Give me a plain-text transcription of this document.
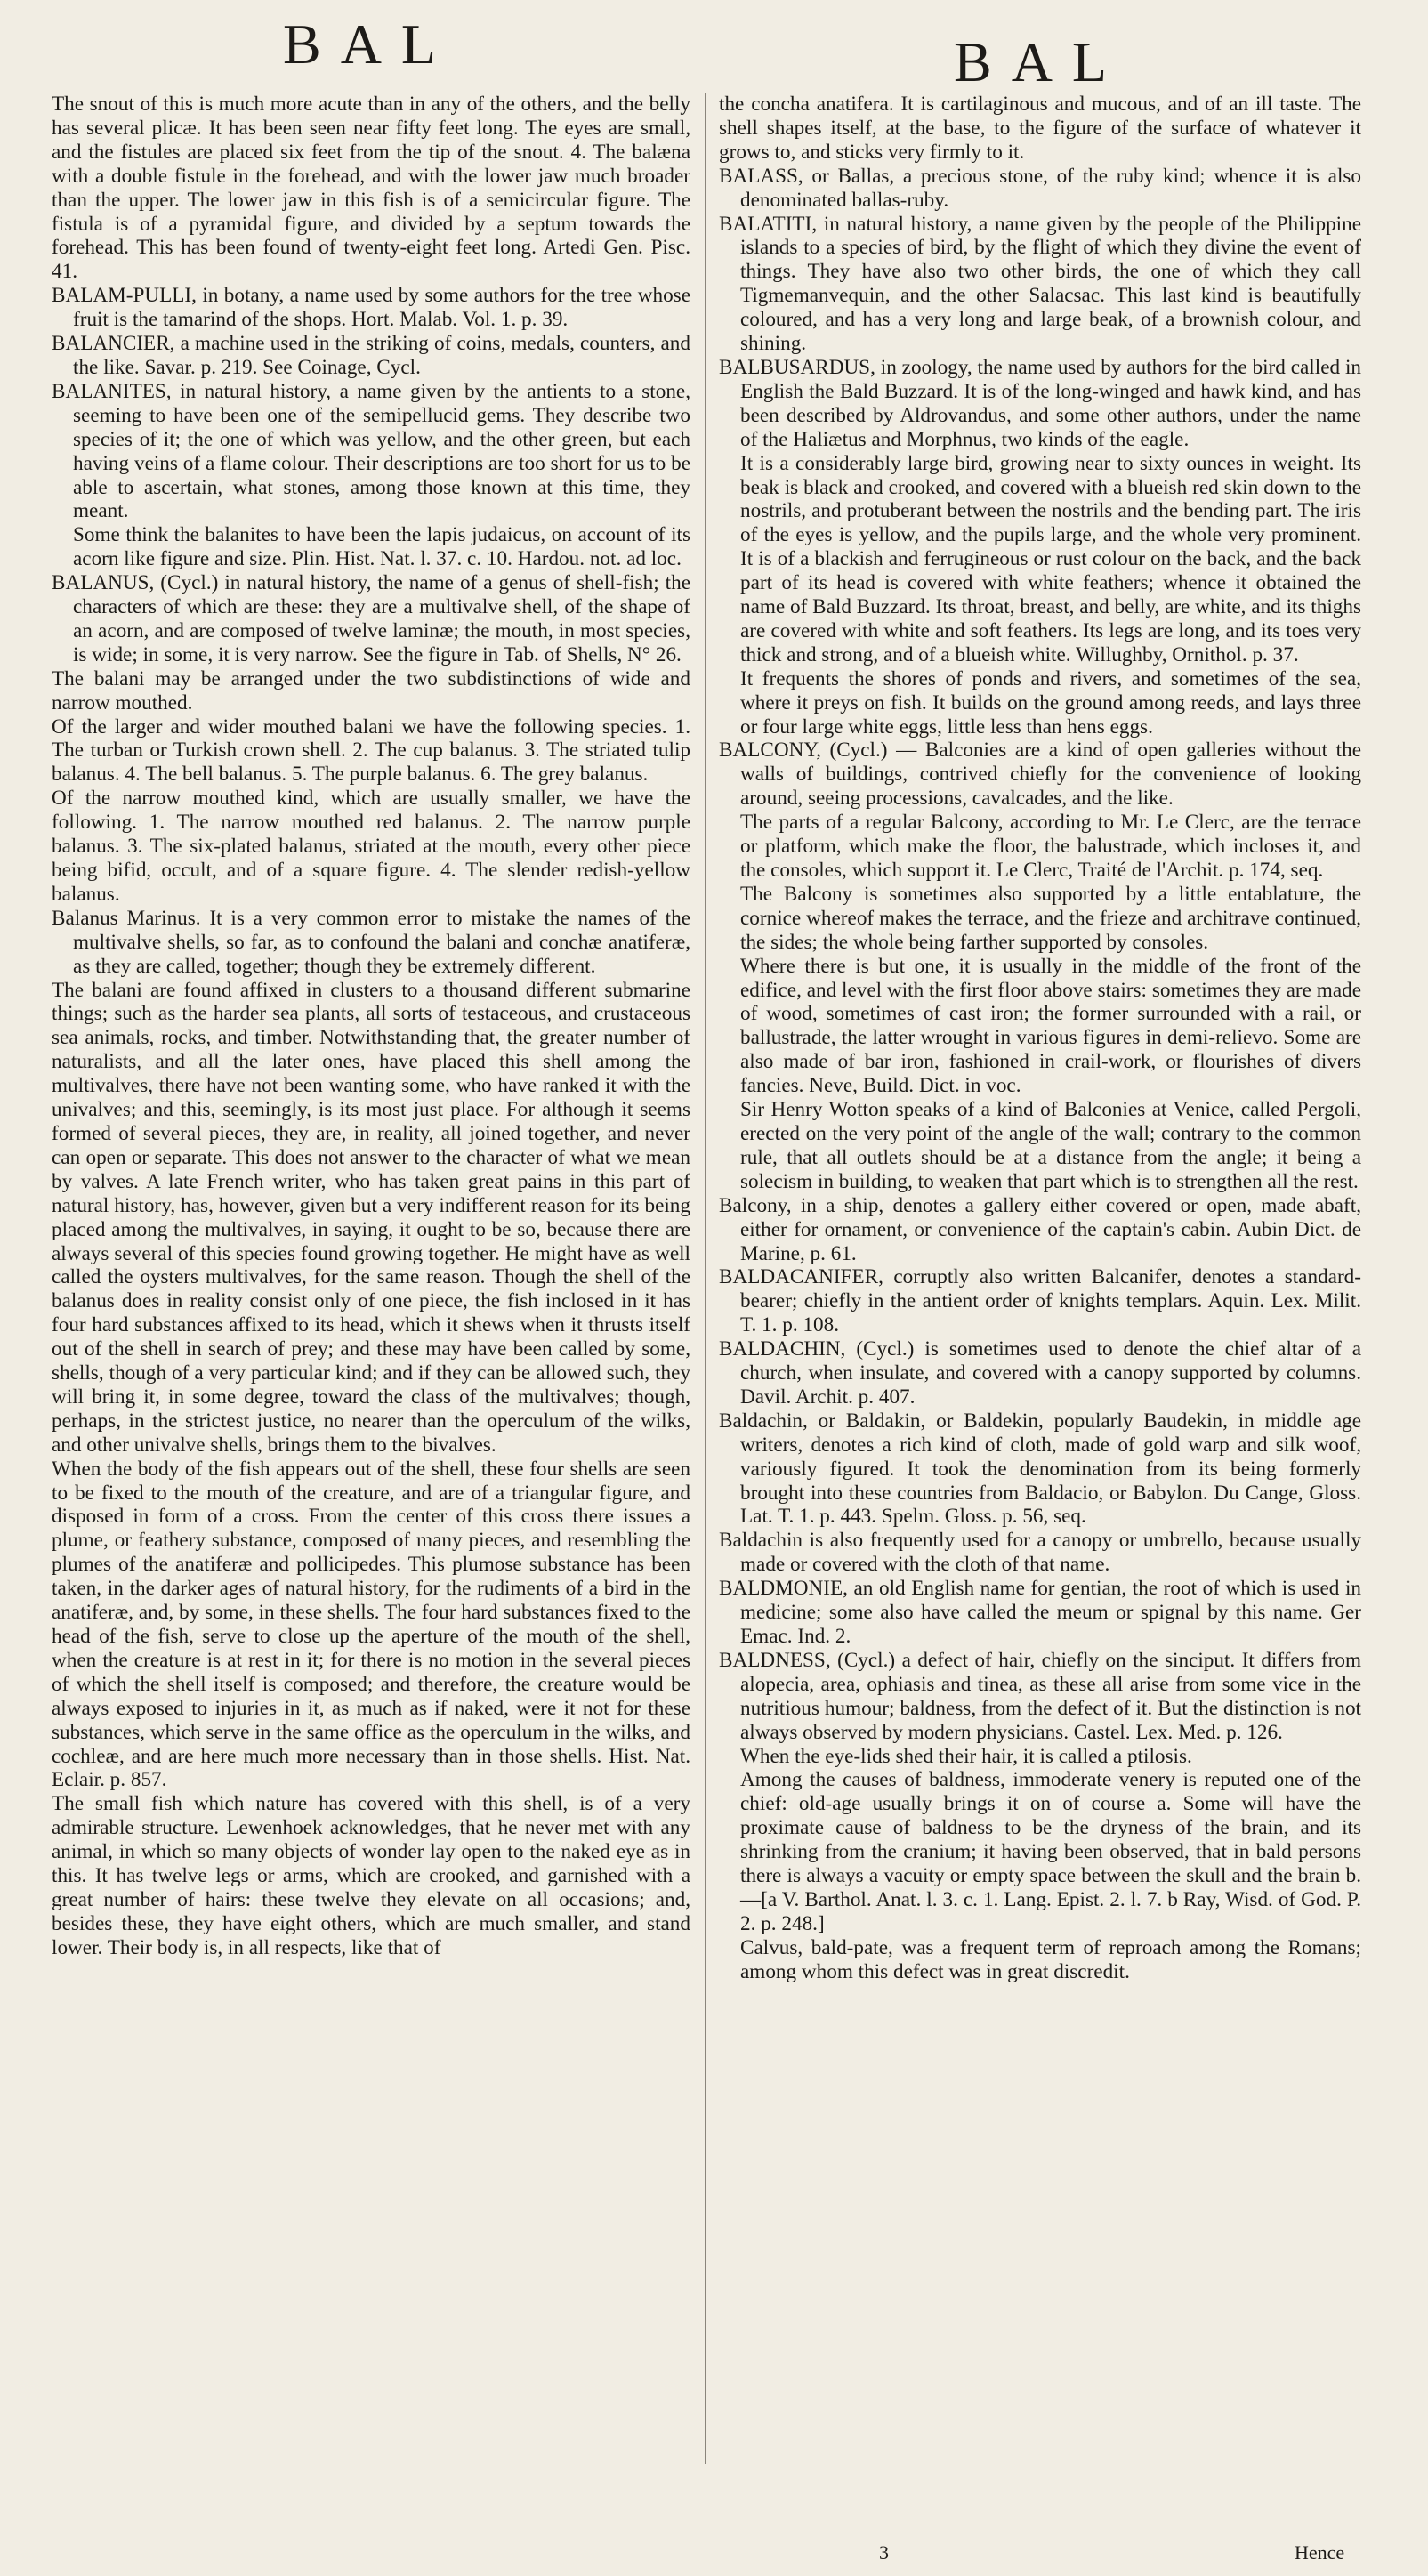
BAL	BAL

The snout of this is much more acute than in any of the others, and the belly has several plicæ. It has been seen near fifty feet long. The eyes are small, and the fistules are placed six feet from the tip of the snout. 4. The balæna with a double fistule in the forehead, and with the lower jaw much broader than the upper. The lower jaw in this fish is of a semicircular figure. The fistula is of a pyramidal figure, and divided by a septum towards the forehead. This has been found of twenty-eight feet long. Artedi Gen. Pisc. 41.

BALAM-PULLI, in botany, a name used by some authors for the tree whose fruit is the tamarind of the shops. Hort. Malab. Vol. 1. p. 39.

BALANCIER, a machine used in the striking of coins, medals, counters, and the like. Savar. p. 219. See Coinage, Cycl.

BALANITES, in natural history, a name given by the antients to a stone, seeming to have been one of the semipellucid gems. They describe two species of it; the one of which was yellow, and the other green, but each having veins of a flame colour. Their descriptions are too short for us to be able to ascertain, what stones, among those known at this time, they meant.

Some think the balanites to have been the lapis judaicus, on account of its acorn like figure and size. Plin. Hist. Nat. l. 37. c. 10. Hardou. not. ad loc.

BALANUS, (Cycl.) in natural history, the name of a genus of shell-fish; the characters of which are these: they are a multivalve shell, of the shape of an acorn, and are composed of twelve laminæ; the mouth, in most species, is wide; in some, it is very narrow. See the figure in Tab. of Shells, N° 26.

The balani may be arranged under the two subdistinctions of wide and narrow mouthed.

Of the larger and wider mouthed balani we have the following species. 1. The turban or Turkish crown shell. 2. The cup balanus. 3. The striated tulip balanus. 4. The bell balanus. 5. The purple balanus. 6. The grey balanus.

Of the narrow mouthed kind, which are usually smaller, we have the following. 1. The narrow mouthed red balanus. 2. The narrow purple balanus. 3. The six-plated balanus, striated at the mouth, every other piece being bifid, occult, and of a square figure. 4. The slender redish-yellow balanus.

Balanus Marinus. It is a very common error to mistake the names of the multivalve shells, so far, as to confound the balani and conchæ anatiferæ, as they are called, together; though they be extremely different.

The balani are found affixed in clusters to a thousand different submarine things; such as the harder sea plants, all sorts of testaceous, and crustaceous sea animals, rocks, and timber. Notwithstanding that, the greater number of naturalists, and all the later ones, have placed this shell among the multivalves, there have not been wanting some, who have ranked it with the univalves; and this, seemingly, is its most just place. For although it seems formed of several pieces, they are, in reality, all joined together, and never can open or separate. This does not answer to the character of what we mean by valves. A late French writer, who has taken great pains in this part of natural history, has, however, given but a very indifferent reason for its being placed among the multivalves, in saying, it ought to be so, because there are always several of this species found growing together. He might have as well called the oysters multivalves, for the same reason. Though the shell of the balanus does in reality consist only of one piece, the fish inclosed in it has four hard substances affixed to its head, which it shews when it thrusts itself out of the shell in search of prey; and these may have been called by some, shells, though of a very particular kind; and if they can be allowed such, they will bring it, in some degree, toward the class of the multivalves; though, perhaps, in the strictest justice, no nearer than the operculum of the wilks, and other univalve shells, brings them to the bivalves.

When the body of the fish appears out of the shell, these four shells are seen to be fixed to the mouth of the creature, and are of a triangular figure, and disposed in form of a cross. From the center of this cross there issues a plume, or feathery substance, composed of many pieces, and resembling the plumes of the anatiferæ and pollicipedes. This plumose substance has been taken, in the darker ages of natural history, for the rudiments of a bird in the anatiferæ, and, by some, in these shells. The four hard substances fixed to the head of the fish, serve to close up the aperture of the mouth of the shell, when the creature is at rest in it; for there is no motion in the several pieces of which the shell itself is composed; and therefore, the creature would be always exposed to injuries in it, as much as if naked, were it not for these substances, which serve in the same office as the operculum in the wilks, and cochleæ, and are here much more necessary than in those shells. Hist. Nat. Eclair. p. 857.

The small fish which nature has covered with this shell, is of a very admirable structure. Lewenhoek acknowledges, that he never met with any animal, in which so many objects of wonder lay open to the naked eye as in this. It has twelve legs or arms, which are crooked, and garnished with a great number of hairs: these twelve they elevate on all occasions; and, besides these, they have eight others, which are much smaller, and stand lower. Their body is, in all respects, like that of

the concha anatifera. It is cartilaginous and mucous, and of an ill taste. The shell shapes itself, at the base, to the figure of the surface of whatever it grows to, and sticks very firmly to it.

BALASS, or Ballas, a precious stone, of the ruby kind; whence it is also denominated ballas-ruby.

BALATITI, in natural history, a name given by the people of the Philippine islands to a species of bird, by the flight of which they divine the event of things. They have also two other birds, the one of which they call Tigmemanvequin, and the other Salacsac. This last kind is beautifully coloured, and has a very long and large beak, of a brownish colour, and shining.

BALBUSARDUS, in zoology, the name used by authors for the bird called in English the Bald Buzzard. It is of the long-winged and hawk kind, and has been described by Aldrovandus, and some other authors, under the name of the Haliætus and Morphnus, two kinds of the eagle.

It is a considerably large bird, growing near to sixty ounces in weight. Its beak is black and crooked, and covered with a blueish red skin down to the nostrils, and protuberant between the nostrils and the bending part. The iris of the eyes is yellow, and the pupils large, and the whole very prominent. It is of a blackish and ferrugineous or rust colour on the back, and the back part of its head is covered with white feathers; whence it obtained the name of Bald Buzzard. Its throat, breast, and belly, are white, and its thighs are covered with white and soft feathers. Its legs are long, and its toes very thick and strong, and of a blueish white. Willughby, Ornithol. p. 37.

It frequents the shores of ponds and rivers, and sometimes of the sea, where it preys on fish. It builds on the ground among reeds, and lays three or four large white eggs, little less than hens eggs.

BALCONY, (Cycl.) — Balconies are a kind of open galleries without the walls of buildings, contrived chiefly for the convenience of looking around, seeing processions, cavalcades, and the like.

The parts of a regular Balcony, according to Mr. Le Clerc, are the terrace or platform, which make the floor, the balustrade, which incloses it, and the consoles, which support it. Le Clerc, Traité de l'Archit. p. 174, seq.

The Balcony is sometimes also supported by a little entablature, the cornice whereof makes the terrace, and the frieze and architrave continued, the sides; the whole being farther supported by consoles.

Where there is but one, it is usually in the middle of the front of the edifice, and level with the first floor above stairs: sometimes they are made of wood, sometimes of cast iron; the former surrounded with a rail, or ballustrade, the latter wrought in various figures in demi-relievo. Some are also made of bar iron, fashioned in crail-work, or flourishes of divers fancies. Neve, Build. Dict. in voc.

Sir Henry Wotton speaks of a kind of Balconies at Venice, called Pergoli, erected on the very point of the angle of the wall; contrary to the common rule, that all outlets should be at a distance from the angle; it being a solecism in building, to weaken that part which is to strengthen all the rest.

Balcony, in a ship, denotes a gallery either covered or open, made abaft, either for ornament, or convenience of the captain's cabin. Aubin Dict. de Marine, p. 61.

BALDACANIFER, corruptly also written Balcanifer, denotes a standard-bearer; chiefly in the antient order of knights templars. Aquin. Lex. Milit. T. 1. p. 108.

BALDACHIN, (Cycl.) is sometimes used to denote the chief altar of a church, when insulate, and covered with a canopy supported by columns. Davil. Archit. p. 407.

Baldachin, or Baldakin, or Baldekin, popularly Baudekin, in middle age writers, denotes a rich kind of cloth, made of gold warp and silk woof, variously figured. It took the denomination from its being formerly brought into these countries from Baldacio, or Babylon. Du Cange, Gloss. Lat. T. 1. p. 443. Spelm. Gloss. p. 56, seq.

Baldachin is also frequently used for a canopy or umbrello, because usually made or covered with the cloth of that name.

BALDMONIE, an old English name for gentian, the root of which is used in medicine; some also have called the meum or spignal by this name. Ger Emac. Ind. 2.

BALDNESS, (Cycl.) a defect of hair, chiefly on the sinciput. It differs from alopecia, area, ophiasis and tinea, as these all arise from some vice in the nutritious humour; baldness, from the defect of it. But the distinction is not always observed by modern physicians. Castel. Lex. Med. p. 126.

When the eye-lids shed their hair, it is called a ptilosis.

Among the causes of baldness, immoderate venery is reputed one of the chief: old-age usually brings it on of course a. Some will have the proximate cause of baldness to be the dryness of the brain, and its shrinking from the cranium; it having been observed, that in bald persons there is always a vacuity or empty space between the skull and the brain b.—[a V. Barthol. Anat. l. 3. c. 1. Lang. Epist. 2. l. 7. b Ray, Wisd. of God. P. 2. p. 248.]

Calvus, bald-pate, was a frequent term of reproach among the Romans; among whom this defect was in great discredit.

3	Hence
